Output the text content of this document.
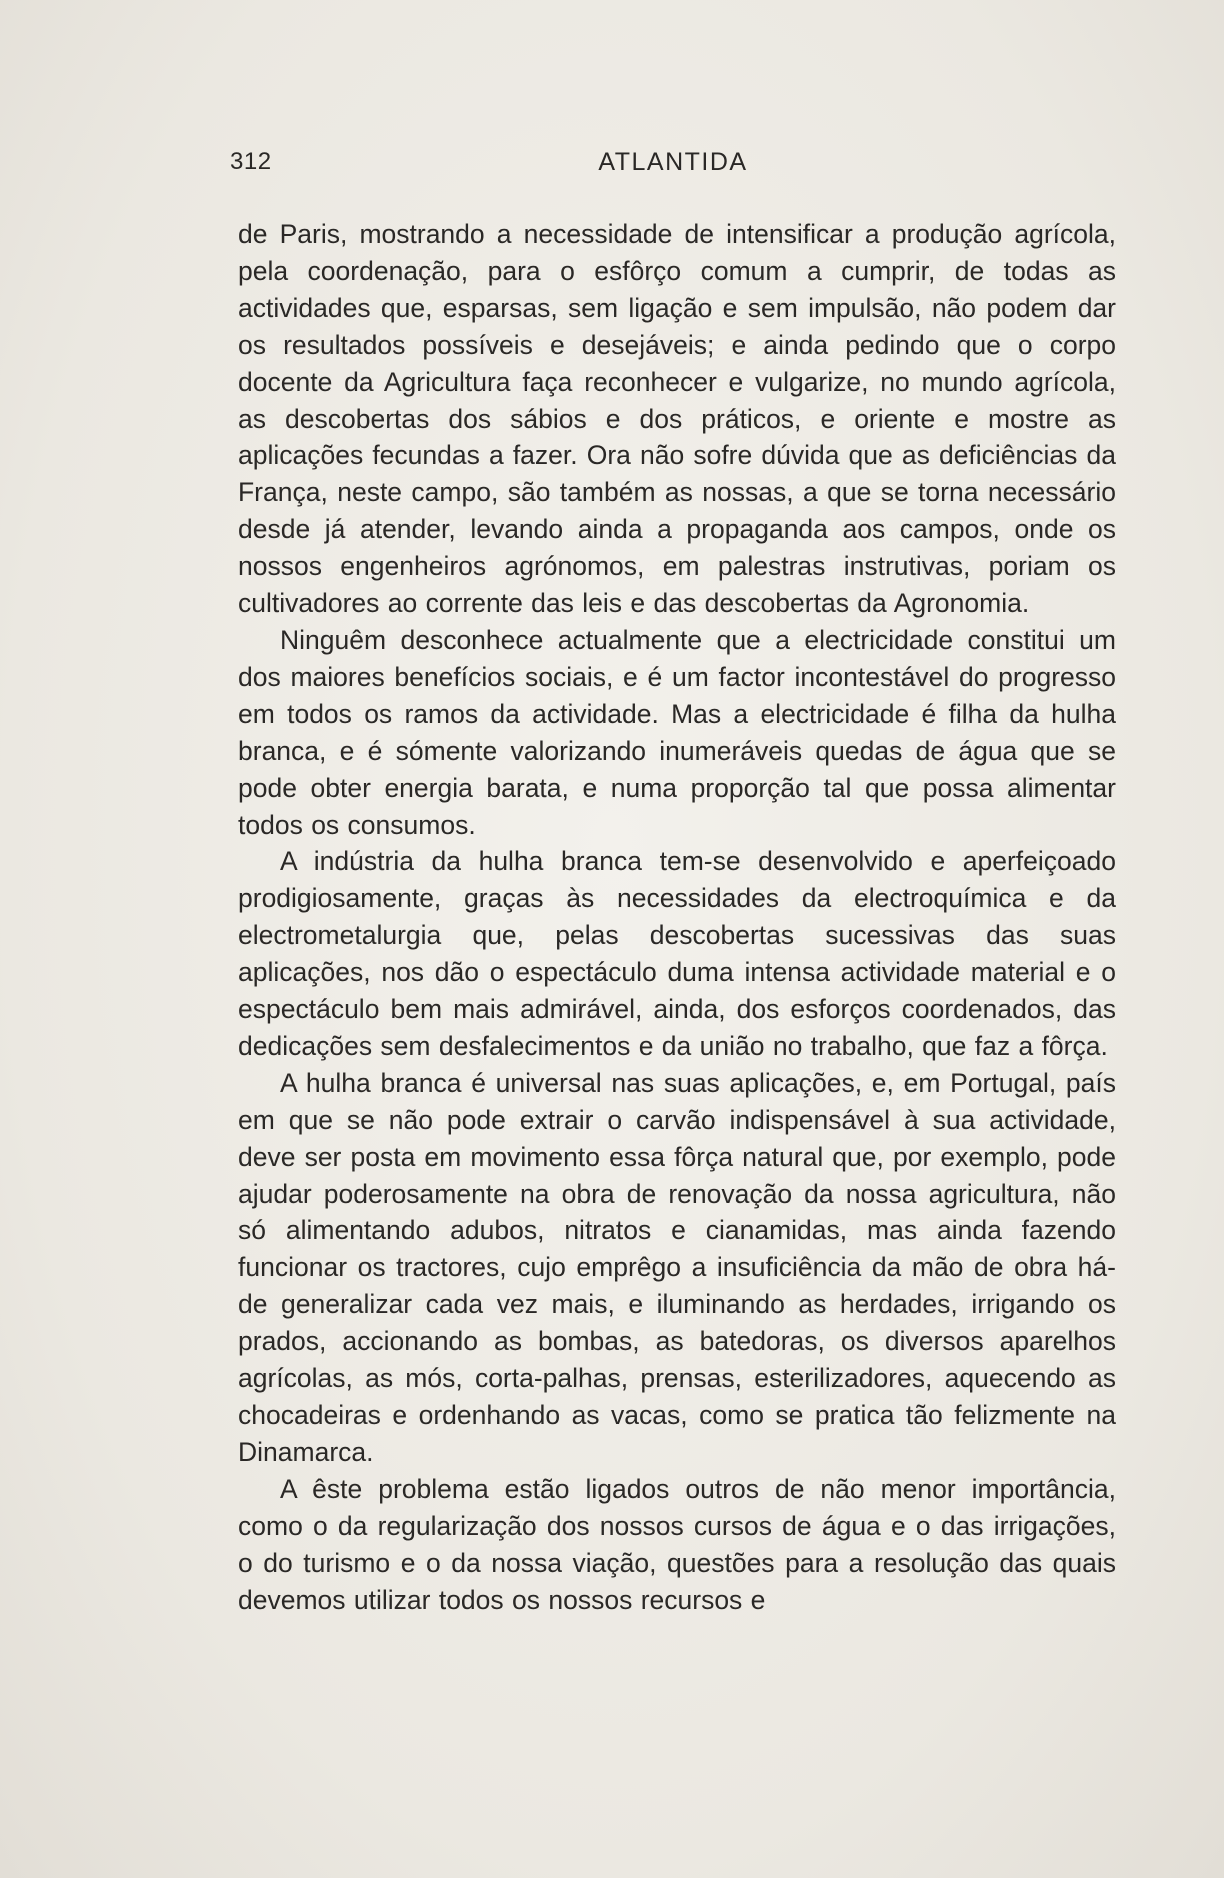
312	ATLANTIDA

de Paris, mostrando a necessidade de intensificar a produção agrícola, pela coordenação, para o esfôrço comum a cumprir, de todas as actividades que, esparsas, sem ligação e sem impulsão, não podem dar os resultados possíveis e desejáveis; e ainda pedindo que o corpo docente da Agricultura faça reconhecer e vulgarize, no mundo agrícola, as descobertas dos sábios e dos práticos, e oriente e mostre as aplicações fecundas a fazer. Ora não sofre dúvida que as deficiências da França, neste campo, são também as nossas, a que se torna necessário desde já atender, levando ainda a propaganda aos campos, onde os nossos engenheiros agrónomos, em palestras instrutivas, poriam os cultivadores ao corrente das leis e das descobertas da Agronomia.

Ninguêm desconhece actualmente que a electricidade constitui um dos maiores benefícios sociais, e é um factor incontestável do progresso em todos os ramos da actividade. Mas a electricidade é filha da hulha branca, e é sómente valorizando inumeráveis quedas de água que se pode obter energia barata, e numa proporção tal que possa alimentar todos os consumos.

A indústria da hulha branca tem-se desenvolvido e aperfeiçoado prodigiosamente, graças às necessidades da electroquímica e da electrometalurgia que, pelas descobertas sucessivas das suas aplicações, nos dão o espectáculo duma intensa actividade material e o espectáculo bem mais admirável, ainda, dos esforços coordenados, das dedicações sem desfalecimentos e da união no trabalho, que faz a fôrça.

A hulha branca é universal nas suas aplicações, e, em Portugal, país em que se não pode extrair o carvão indispensável à sua actividade, deve ser posta em movimento essa fôrça natural que, por exemplo, pode ajudar poderosamente na obra de renovação da nossa agricultura, não só alimentando adubos, nitratos e cianamidas, mas ainda fazendo funcionar os tractores, cujo emprêgo a insuficiência da mão de obra há-de generalizar cada vez mais, e iluminando as herdades, irrigando os prados, accionando as bombas, as batedoras, os diversos aparelhos agrícolas, as mós, corta-palhas, prensas, esterilizadores, aquecendo as chocadeiras e ordenhando as vacas, como se pratica tão felizmente na Dinamarca.

A êste problema estão ligados outros de não menor importância, como o da regularização dos nossos cursos de água e o das irrigações, o do turismo e o da nossa viação, questões para a resolução das quais devemos utilizar todos os nossos recursos e
